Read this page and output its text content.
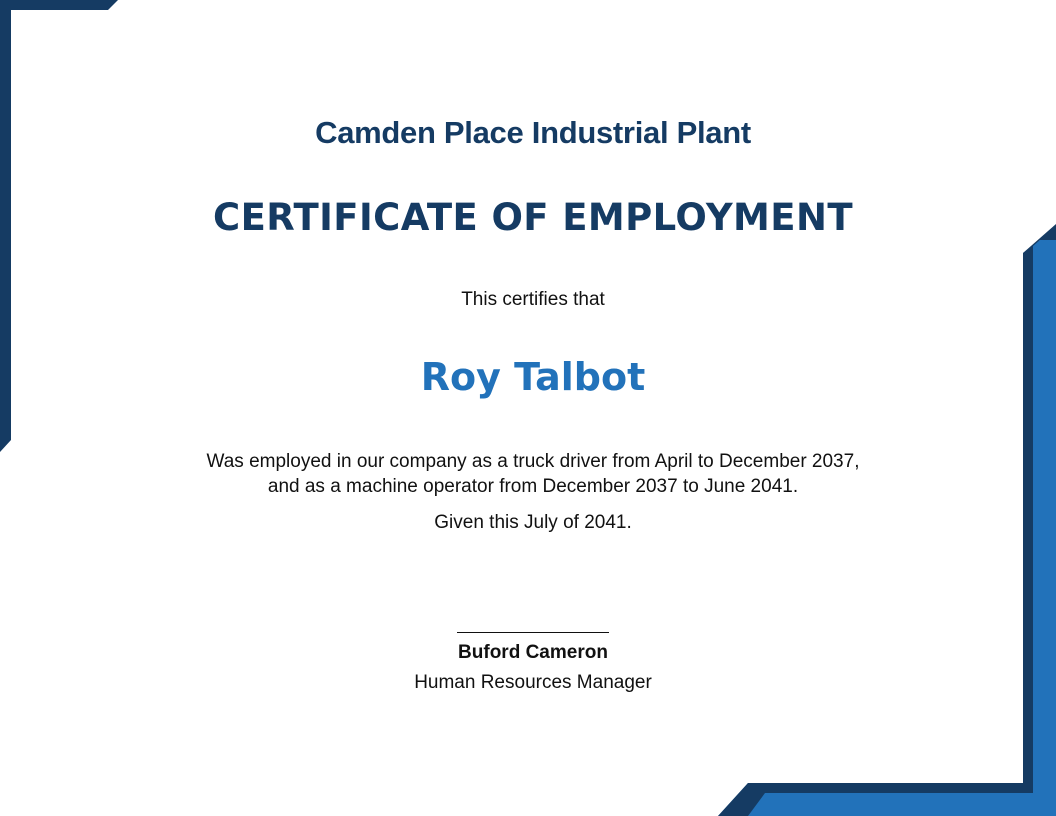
Camden Place Industrial Plant
CERTIFICATE OF EMPLOYMENT
This certifies that
Roy Talbot
Was employed in our company as a truck driver from April to December 2037,
and as a machine operator from December 2037 to June 2041.
Given this July of 2041.
Buford Cameron
Human Resources Manager
